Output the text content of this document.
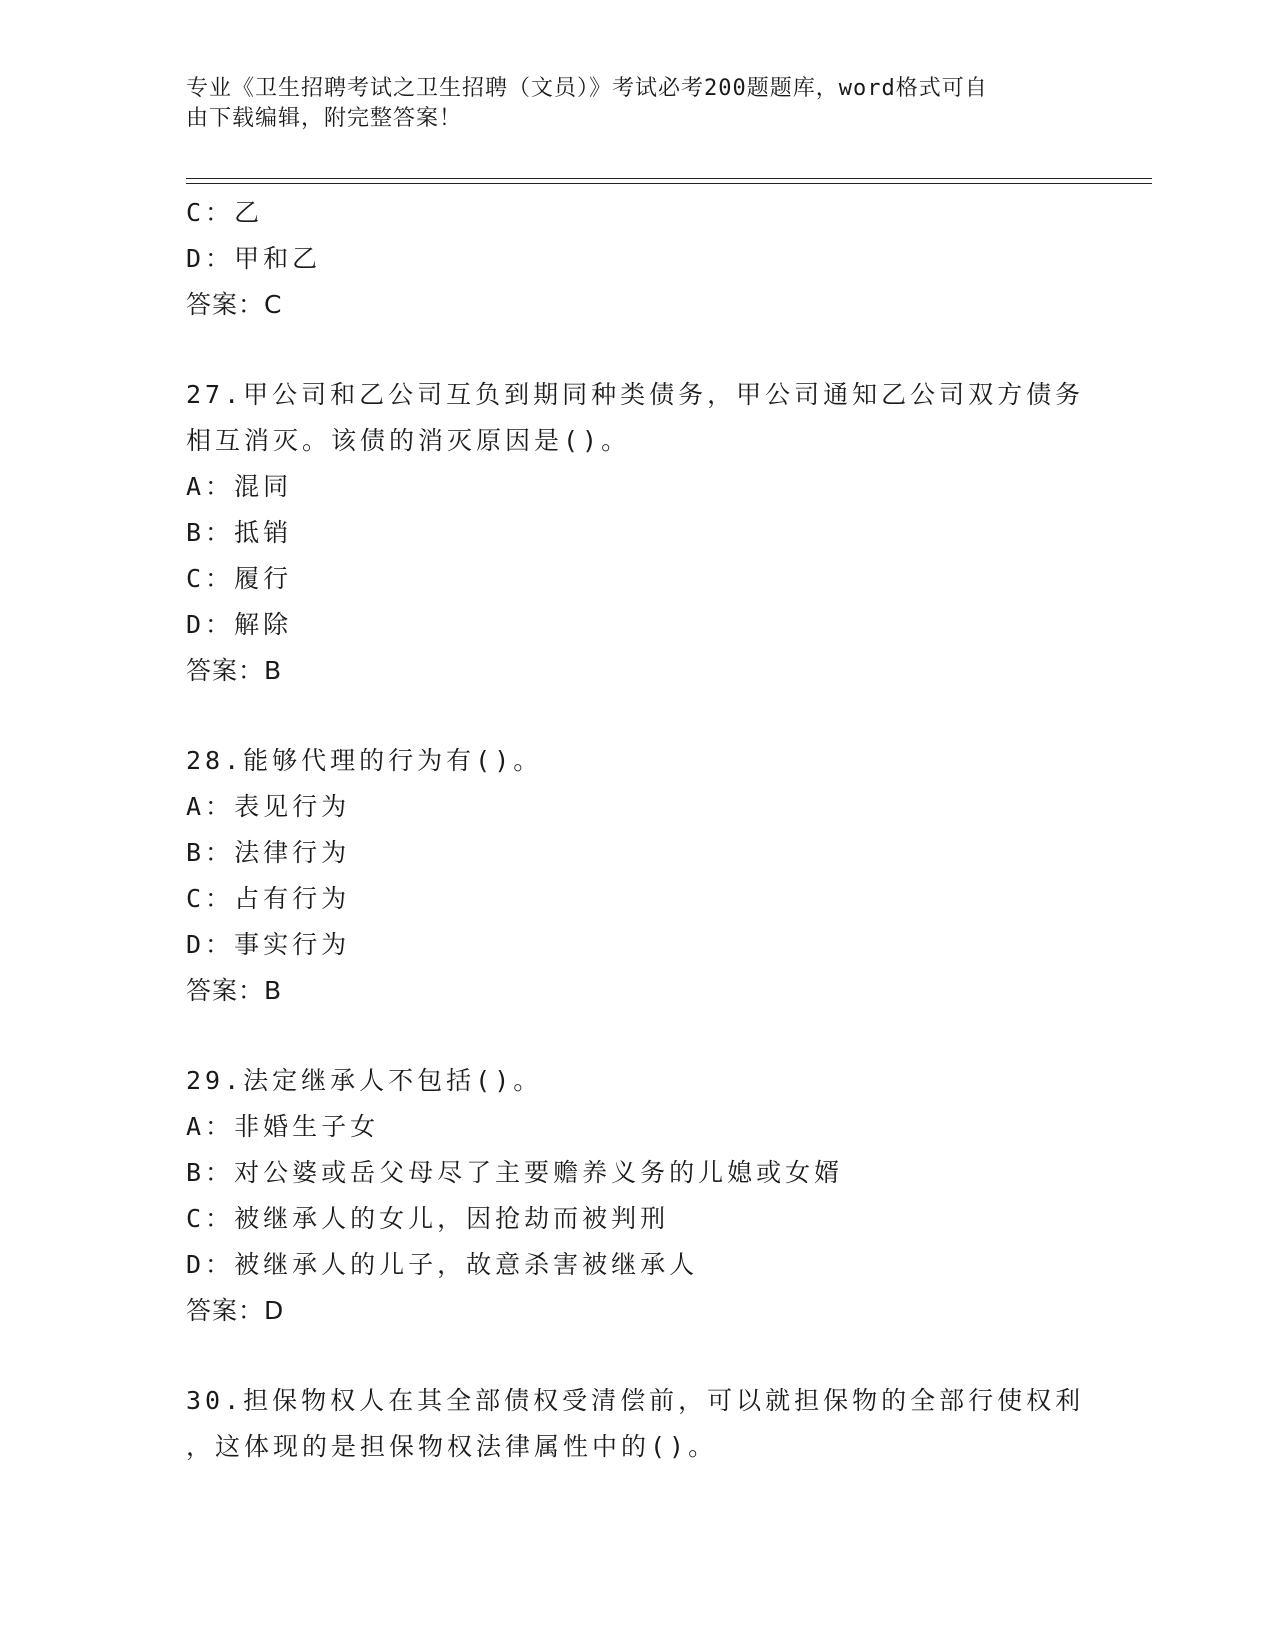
专业《卫生招聘考试之卫生招聘（文员）》考试必考200题题库，word格式可自
由下载编辑，附完整答案！
C：乙
D：甲和乙
答案：C
27.甲公司和乙公司互负到期同种类债务，甲公司通知乙公司双方债务
相互消灭。该债的消灭原因是()。
A：混同
B：抵销
C：履行
D：解除
答案：B
28.能够代理的行为有()。
A：表见行为
B：法律行为
C：占有行为
D：事实行为
答案：B
29.法定继承人不包括()。
A：非婚生子女
B：对公婆或岳父母尽了主要赡养义务的儿媳或女婿
C：被继承人的女儿，因抢劫而被判刑
D：被继承人的儿子，故意杀害被继承人
答案：D
30.担保物权人在其全部债权受清偿前，可以就担保物的全部行使权利
，这体现的是担保物权法律属性中的()。
